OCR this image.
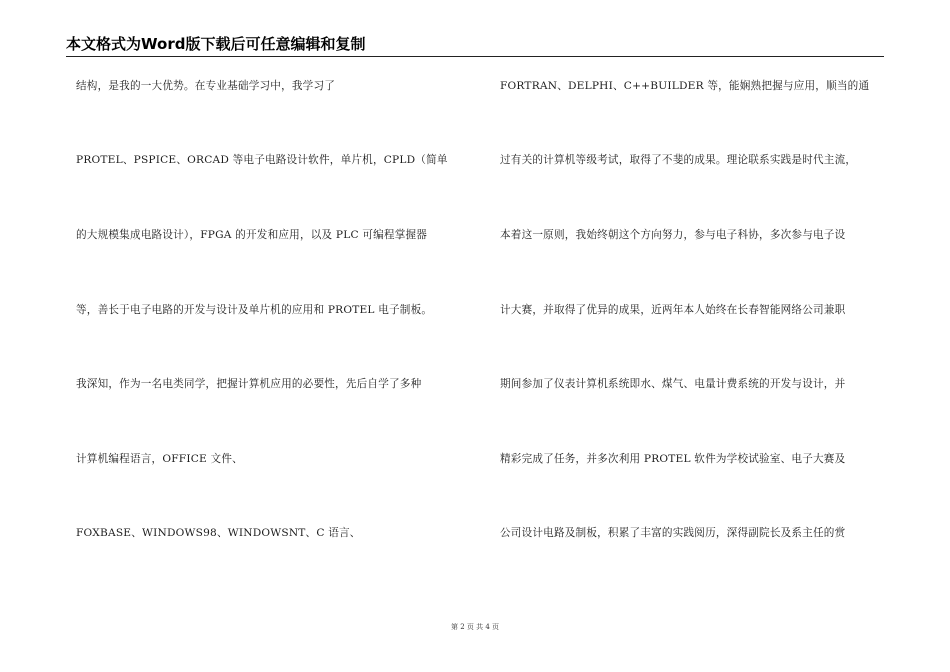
本文格式为Word版下载后可任意编辑和复制
结构，是我的一大优势。在专业基础学习中，我学习了
PROTEL、PSPICE、ORCAD 等电子电路设计软件，单片机，CPLD（简单
的大规模集成电路设计），FPGA 的开发和应用，以及 PLC 可编程掌握器
等，善长于电子电路的开发与设计及单片机的应用和 PROTEL 电子制板。
我深知，作为一名电类同学，把握计算机应用的必要性，先后自学了多种
计算机编程语言，OFFICE 文件、
FOXBASE、WINDOWS98、WINDOWSNT、C 语言、
FORTRAN、DELPHI、C++BUILDER 等，能娴熟把握与应用，顺当的通
过有关的计算机等级考试，取得了不斐的成果。理论联系实践是时代主流，
本着这一原则，我始终朝这个方向努力，参与电子科协，多次参与电子设
计大赛，并取得了优异的成果，近两年本人始终在长春智能网络公司兼职
期间参加了仪表计算机系统即水、煤气、电量计费系统的开发与设计，并
精彩完成了任务，并多次利用 PROTEL 软件为学校试验室、电子大赛及
公司设计电路及制板，积累了丰富的实践阅历，深得副院长及系主任的赏
第 2 页 共 4 页
